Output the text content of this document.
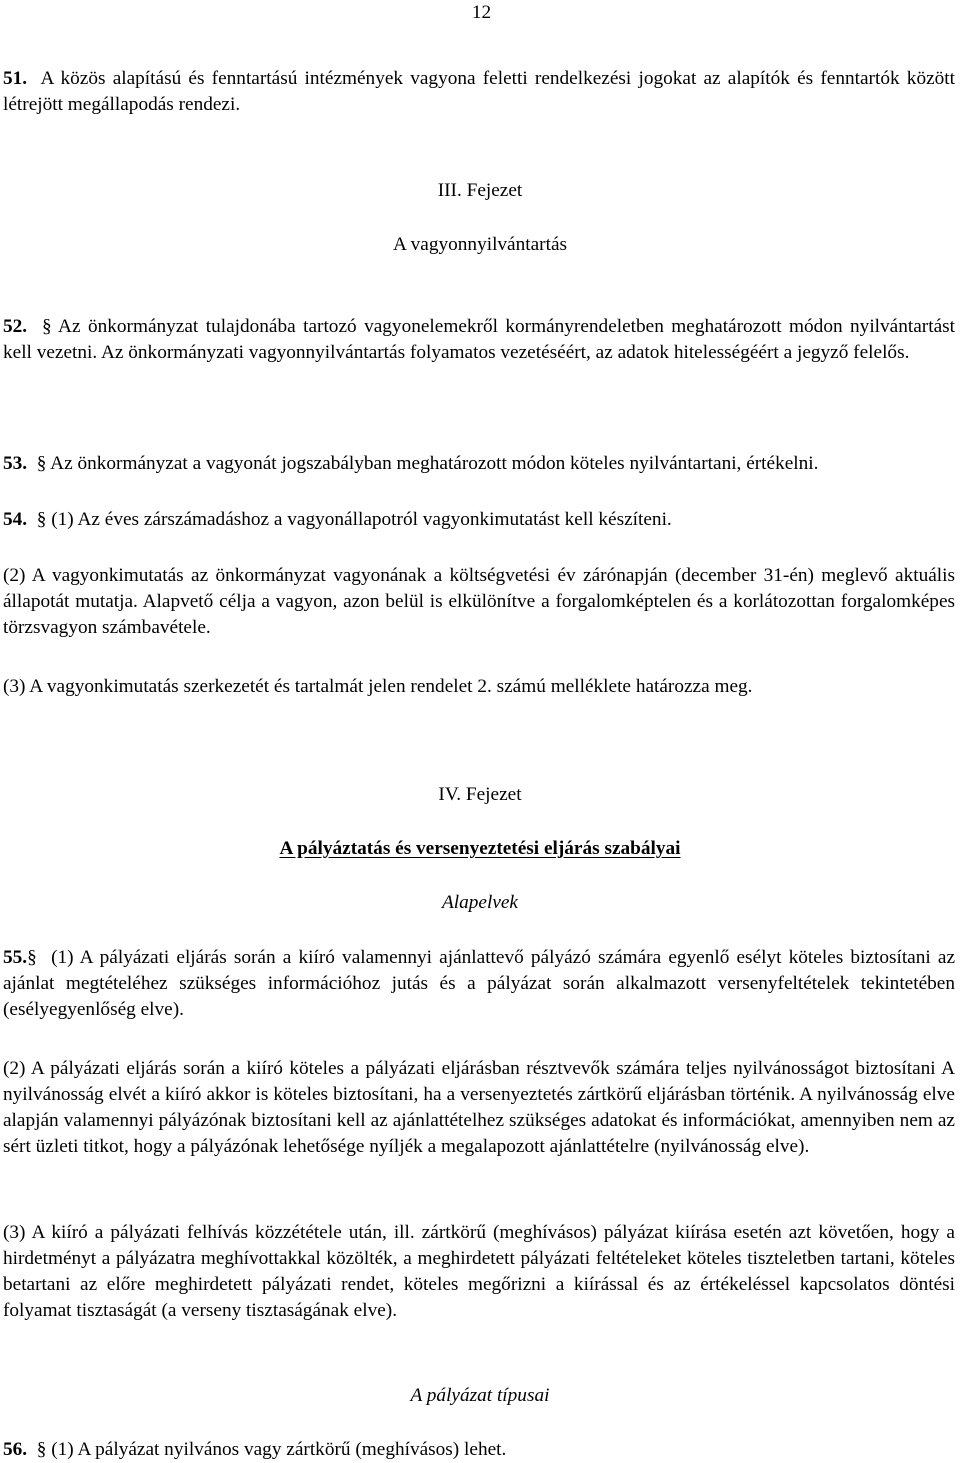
12

51. A közös alapítású és fenntartású intézmények vagyona feletti rendelkezési jogokat az alapítók és fenntartók között létrejött megállapodás rendezi.

III. Fejezet

A vagyonnyilvántartás

52. § Az önkormányzat tulajdonába tartozó vagyonelemekről kormányrendeletben meghatározott módon nyilvántartást kell vezetni. Az önkormányzati vagyonnyilvántartás folyamatos vezetéséért, az adatok hitelességéért a jegyző felelős.

53. § Az önkormányzat a vagyonát jogszabályban meghatározott módon köteles nyilvántartani, értékelni.

54. § (1) Az éves zárszámadáshoz a vagyonállapotról vagyonkimutatást kell készíteni.

(2) A vagyonkimutatás az önkormányzat vagyonának a költségvetési év zárónapján (december 31-én) meglevő aktuális állapotát mutatja. Alapvető célja a vagyon, azon belül is elkülönítve a forgalomképtelen és a korlátozottan forgalomképes törzsvagyon számbavétele.

(3) A vagyonkimutatás szerkezetét és tartalmát jelen rendelet 2. számú melléklete határozza meg.

IV. Fejezet

A pályáztatás és versenyeztetési eljárás szabályai

Alapelvek

55.§ (1) A pályázati eljárás során a kiíró valamennyi ajánlattevő pályázó számára egyenlő esélyt köteles biztosítani az ajánlat megtételéhez szükséges információhoz jutás és a pályázat során alkalmazott versenyfeltételek tekintetében (esélyegyenlőség elve).

(2) A pályázati eljárás során a kiíró köteles a pályázati eljárásban résztvevők számára teljes nyilvánosságot biztosítani A nyilvánosság elvét a kiíró akkor is köteles biztosítani, ha a versenyeztetés zártkörű eljárásban történik. A nyilvánosság elve alapján valamennyi pályázónak biztosítani kell az ajánlattételhez szükséges adatokat és információkat, amennyiben nem az sért üzleti titkot, hogy a pályázónak lehetősége nyíljék a megalapozott ajánlattételre (nyilvánosság elve).

(3) A kiíró a pályázati felhívás közzététele után, ill. zártkörű (meghívásos) pályázat kiírása esetén azt követően, hogy a hirdetményt a pályázatra meghívottakkal közölték, a meghirdetett pályázati feltételeket köteles tiszteletben tartani, köteles betartani az előre meghirdetett pályázati rendet, köteles megőrizni a kiírással és az értékeléssel kapcsolatos döntési folyamat tisztaságát (a verseny tisztaságának elve).

A pályázat típusai

56. § (1) A pályázat nyilvános vagy zártkörű (meghívásos) lehet.
